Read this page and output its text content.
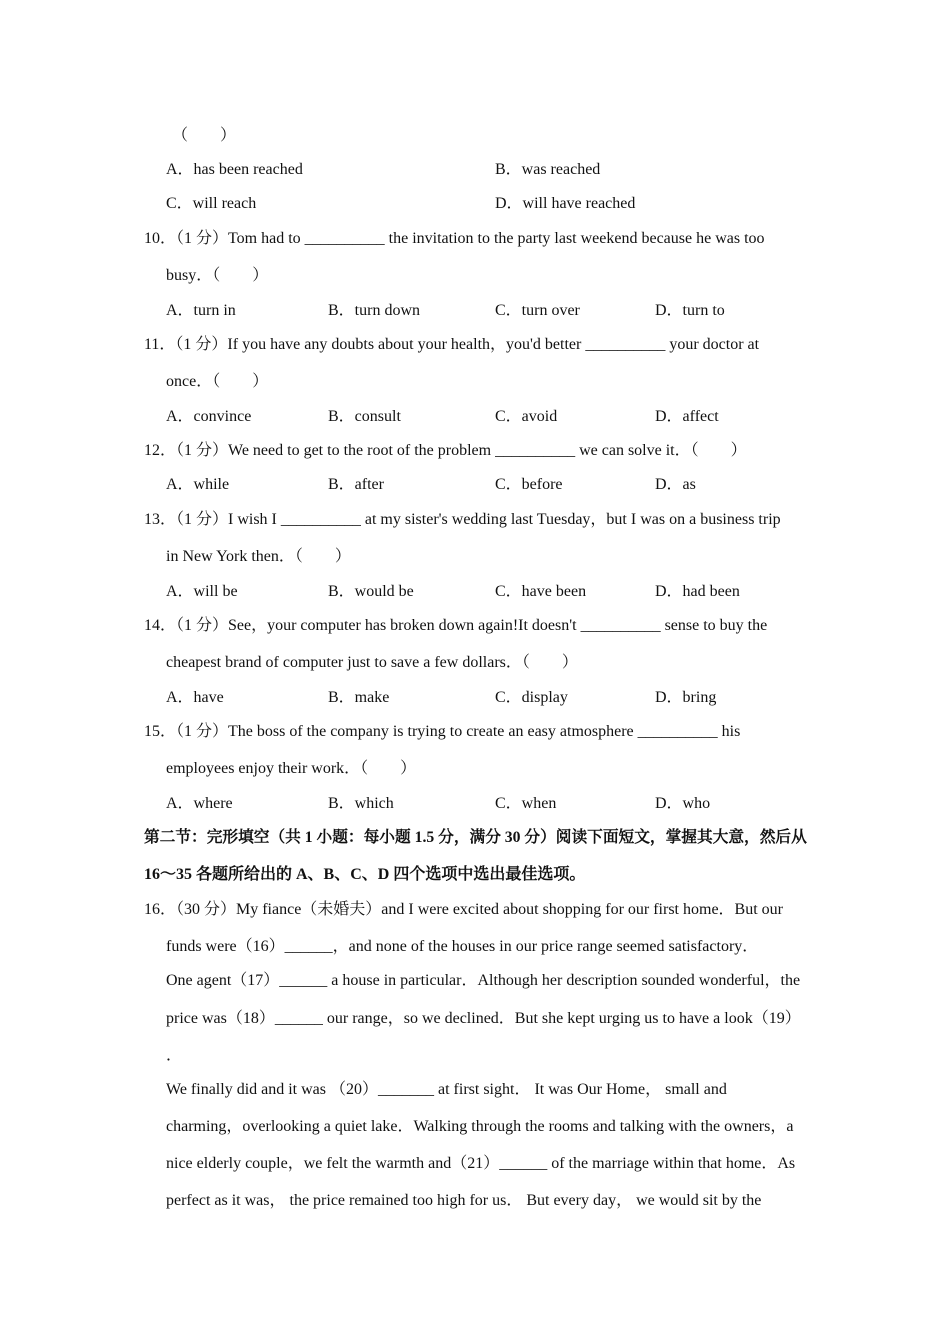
（　　）
A．has been reached	B．was reached
C．will reach	D．will have reached
10．（1 分）Tom had to __________ the invitation to the party last weekend because he was too
busy．（　　）
A．turn in	B．turn down	C．turn over	D．turn to
11．（1 分）If you have any doubts about your health，you'd better __________ your doctor at
once．（　　）
A．convince	B．consult	C．avoid	D．affect
12．（1 分）We need to get to the root of the problem __________ we can solve it．（　　）
A．while	B．after	C．before	D．as
13．（1 分）I wish I __________ at my sister's wedding last Tuesday，but I was on a business trip
in New York then．（　　）
A．will be	B．would be	C．have been	D．had been
14．（1 分）See，your computer has broken down again!It doesn't __________ sense to buy the
cheapest brand of computer just to save a few dollars．（　　）
A．have	B．make	C．display	D．bring
15．（1 分）The boss of the company is trying to create an easy atmosphere __________ his
employees enjoy their work．（　　）
A．where	B．which	C．when	D．who
第二节：完形填空（共 1 小题：每小题 1.5 分，满分 30 分）阅读下面短文，掌握其大意，然后从
16～35 各题所给出的 A、B、C、D 四个选项中选出最佳选项。
16．（30 分）My fiance（未婚夫）and I were excited about shopping for our first home．But our
funds were（16）______，and none of the houses in our price range seemed satisfactory．
One agent（17）______ a house in particular．Although her description sounded wonderful，the
price was（18）______ our range，so we declined．But she kept urging us to have a look（19）
．
We finally did and it was （20）_______ at first sight． It was Our Home， small and
charming，overlooking a quiet lake．Walking through the rooms and talking with the owners，a
nice elderly couple，we felt the warmth and（21）______ of the marriage within that home．As
perfect as it was， the price remained too high for us． But every day， we would sit by the
